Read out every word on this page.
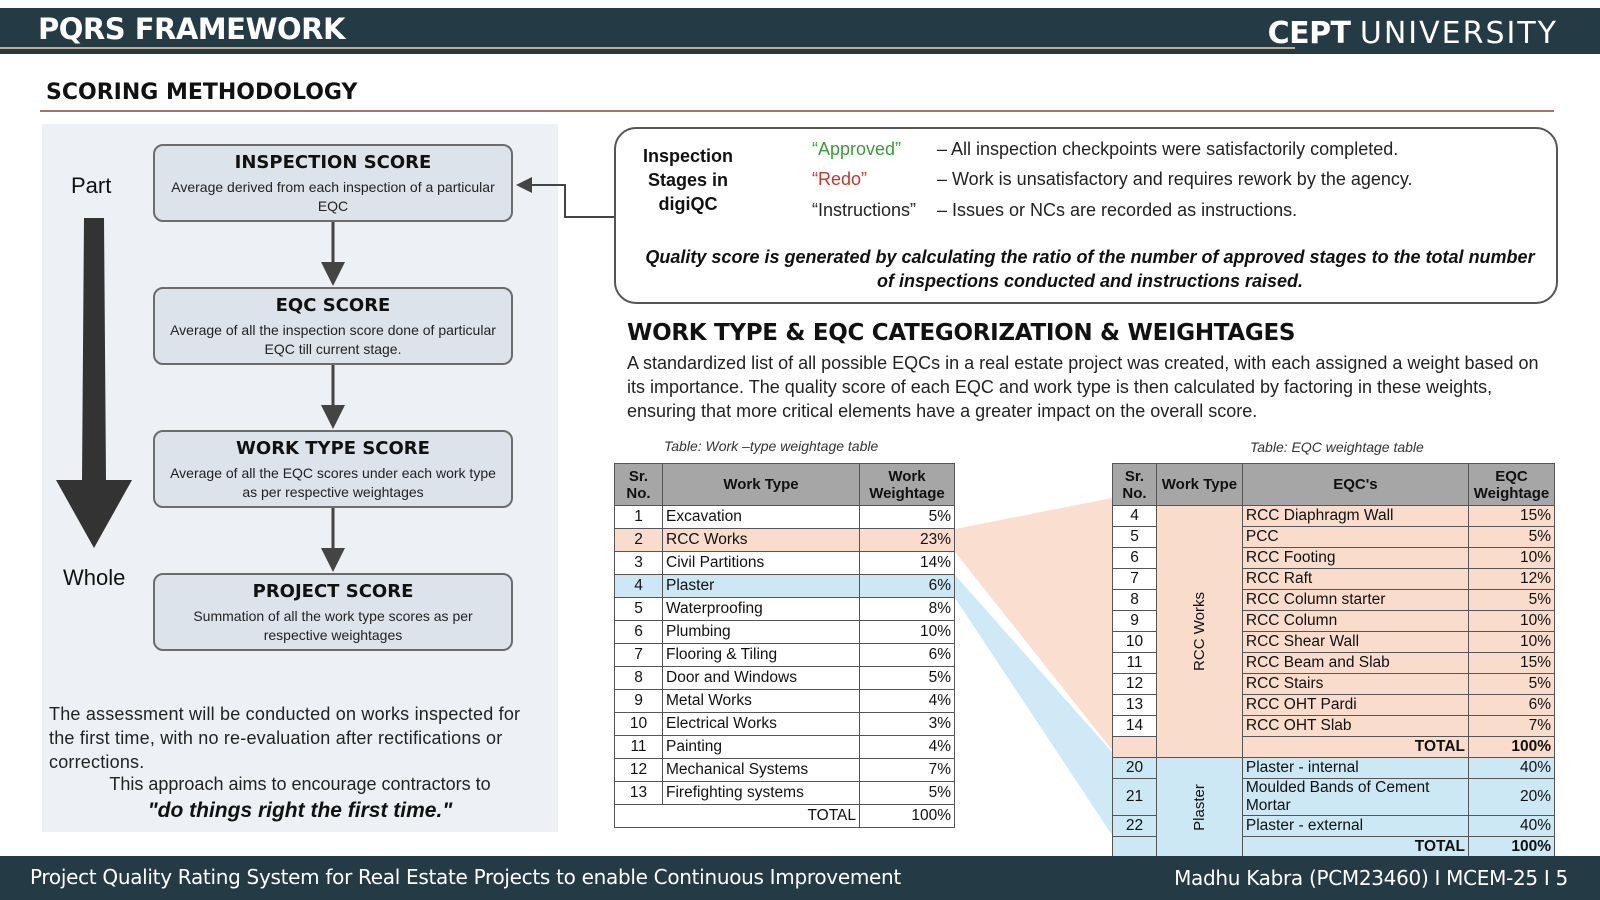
PQRS FRAMEWORK	CEPT UNIVERSITY
SCORING METHODOLOGY
Part
Whole
INSPECTION SCORE
Average derived from each inspection of a particular EQC
EQC SCORE
Average of all the inspection score done of particular EQC till current stage.
WORK TYPE SCORE
Average of all the EQC scores under each work type as per respective weightages
PROJECT SCORE
Summation of all the work type scores as per respective weightages
The assessment will be conducted on works inspected for the first time, with no re-evaluation after rectifications or corrections.
This approach aims to encourage contractors to
"do things right the first time."
Inspection Stages in digiQC
“Approved” – All inspection checkpoints were satisfactorily completed.
“Redo”	– Work is unsatisfactory and requires rework by the agency.
“Instructions” – Issues or NCs are recorded as instructions.
Quality score is generated by calculating the ratio of the number of approved stages to the total number of inspections conducted and instructions raised.
WORK TYPE & EQC CATEGORIZATION & WEIGHTAGES
A standardized list of all possible EQCs in a real estate project was created, with each assigned a weight based on its importance. The quality score of each EQC and work type is then calculated by factoring in these weights, ensuring that more critical elements have a greater impact on the overall score.
Table: Work –type weightage table	Table: EQC weightage table
Sr. No.	Work Type	Work Weightage
1	Excavation	5%
2	RCC Works	23%
3	Civil Partitions	14%
4	Plaster	6%
5	Waterproofing	8%
6	Plumbing	10%
7	Flooring & Tiling	6%
8	Door and Windows	5%
9	Metal Works	4%
10	Electrical Works	3%
11	Painting	4%
12	Mechanical Systems	7%
13	Firefighting systems	5%
TOTAL		100%
Sr. No.	Work Type	EQC's	EQC Weightage
4	RCC Works	RCC Diaphragm Wall	15%
5		PCC	5%
6		RCC Footing	10%
7		RCC Raft	12%
8		RCC Column starter	5%
9		RCC Column	10%
10		RCC Shear Wall	10%
11		RCC Beam and Slab	15%
12		RCC Stairs	5%
13		RCC OHT Pardi	6%
14		RCC OHT Slab	7%
		TOTAL	100%
20	Plaster	Plaster - internal	40%
21		Moulded Bands of Cement Mortar	20%
22		Plaster - external	40%
		TOTAL	100%
Project Quality Rating System for Real Estate Projects to enable Continuous Improvement	Madhu Kabra (PCM23460) I MCEM-25 I 5
